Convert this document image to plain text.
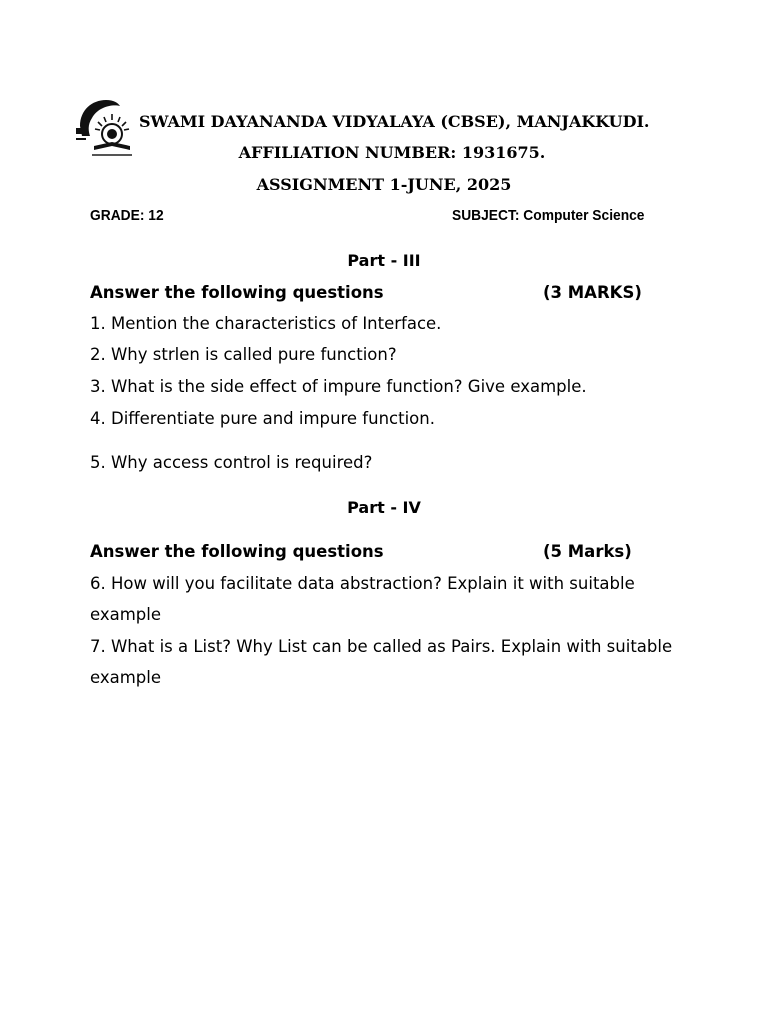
SWAMI DAYANANDA VIDYALAYA (CBSE), MANJAKKUDI.
AFFILIATION NUMBER: 1931675.
ASSIGNMENT 1-JUNE, 2025
GRADE: 12	SUBJECT: Computer Science
Part - III
Answer the following questions	(3 MARKS)
1. Mention the characteristics of Interface.
2. Why strlen is called pure function?
3. What is the side effect of impure function? Give example.
4. Differentiate pure and impure function.
5. Why access control is required?
Part - IV
Answer the following questions	(5 Marks)
6. How will you facilitate data abstraction? Explain it with suitable example
7. What is a List? Why List can be called as Pairs. Explain with suitable example
